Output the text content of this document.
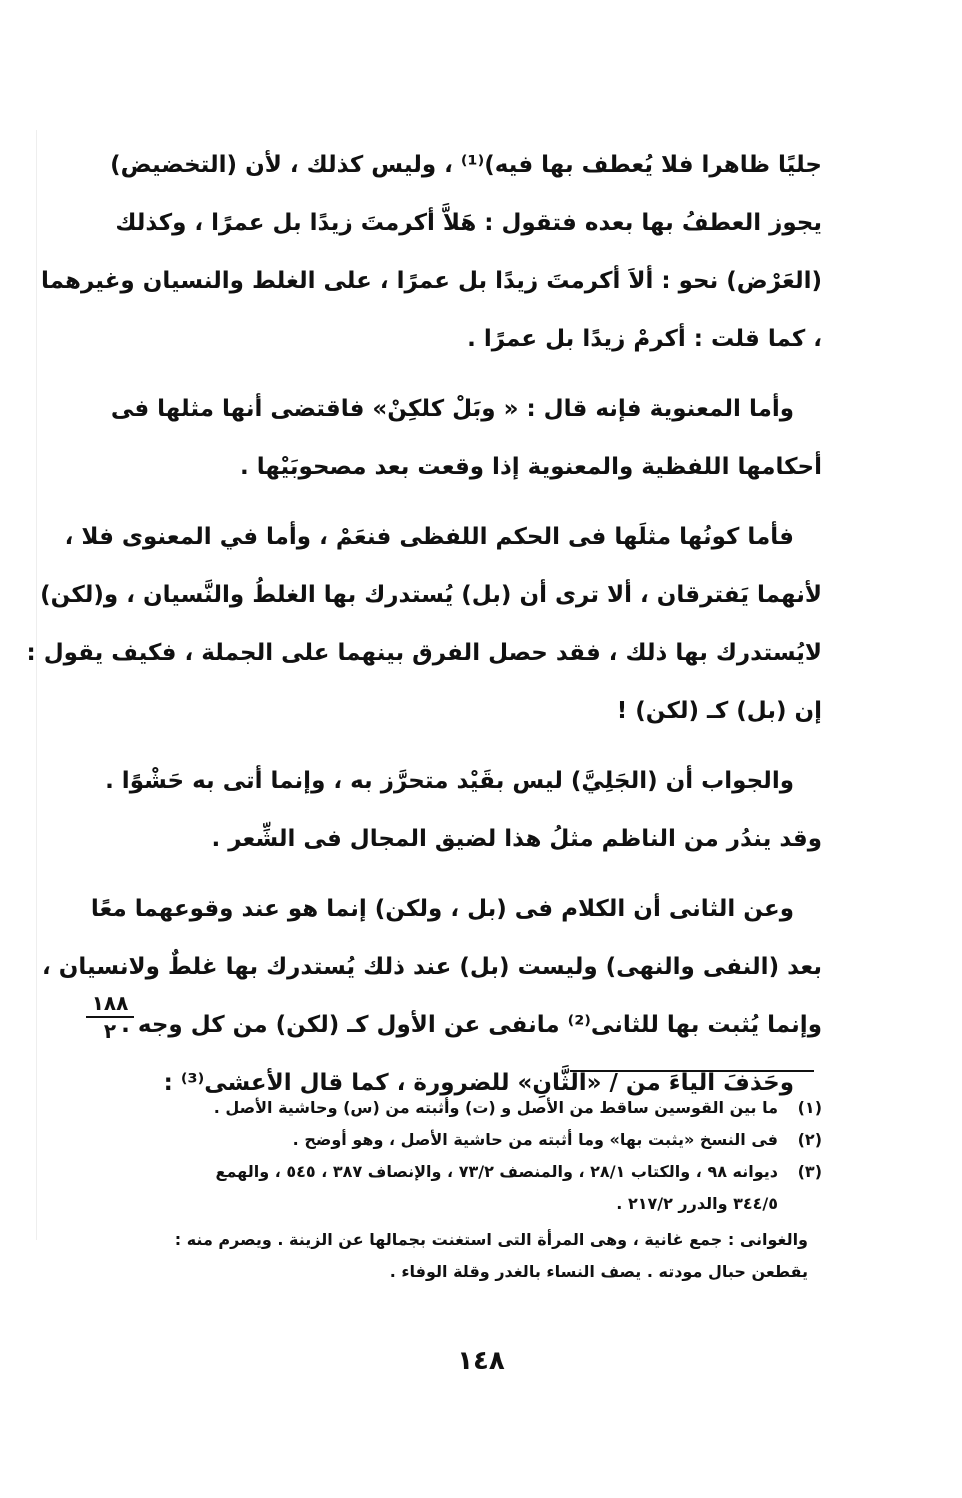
جليًا ظاهرا فلا يُعطف بها فيه)⁽¹⁾ ، وليس كذلك ، لأن (التخضيض)
يجوز العطفُ بها بعده فتقول : هَلاَّ أكرمتَ زيدًا بل عمرًا ، وكذلك
(العَرْض) نحو : ألاَ أكرمتَ زيدًا بل عمرًا ، على الغلط والنسيان وغيرهما
، كما قلت : أكرمْ زيدًا بل عمرًا .
وأما المعنوية فإنه قال : « وبَلْ كلكِنْ» فاقتضى أنها مثلها فى
أحكامها اللفظية والمعنوية إذا وقعت بعد مصحوبَيْها .
فأما كونُها مثلَها فى الحكم اللفظى فنعَمْ ، وأما في المعنوى فلا ،
لأنهما يَفترقان ، ألا ترى أن (بل) يُستدرك بها الغلطُ والنَّسيان ، و(لكن)
لايُستدرك بها ذلك ، فقد حصل الفرق بينهما على الجملة ، فكيف يقول :
إن (بل) كـ (لكن) !
والجواب أن (الجَلِيَّ) ليس بقَيْد متحرَّز به ، وإنما أتى به حَشْوًا .
وقد يندُر من الناظم مثلُ هذا لضيق المجال فى الشِّعر .
وعن الثانى أن الكلام فى (بل ، ولكن) إنما هو عند وقوعهما معًا
بعد (النفى والنهى) وليست (بل) عند ذلك يُستدرك بها غلطٌ ولانسيان ،
وإنما يُثبت بها للثانى⁽²⁾ مانفى عن الأول كـ (لكن) من كل وجه .
وحَذفَ الياءَ من / «الثَّانِ» للضرورة ، كما قال الأعشى⁽³⁾ :
١٨٨
٢
(١)
ما بين القوسين ساقط من الأصل و (ت) وأثبته من (س) وحاشية الأصل .
(٢)
فى النسخ «يثبت بها» وما أثبته من حاشية الأصل ، وهو أوضح .
(٣)
ديوانه ٩٨ ، والكتاب ٢٨/١ ، والمنصف ٧٣/٢ ، والإنصاف ٣٨٧ ، ٥٤٥ ، والهمع
٣٤٤/٥ والدرر ٢١٧/٢ .
والغوانى : جمع غانية ، وهى المرأة التى استغنت بجمالها عن الزينة . ويصرم منه :
يقطعن حبال مودته . يصف النساء بالغدر وقلة الوفاء .
١٤٨
